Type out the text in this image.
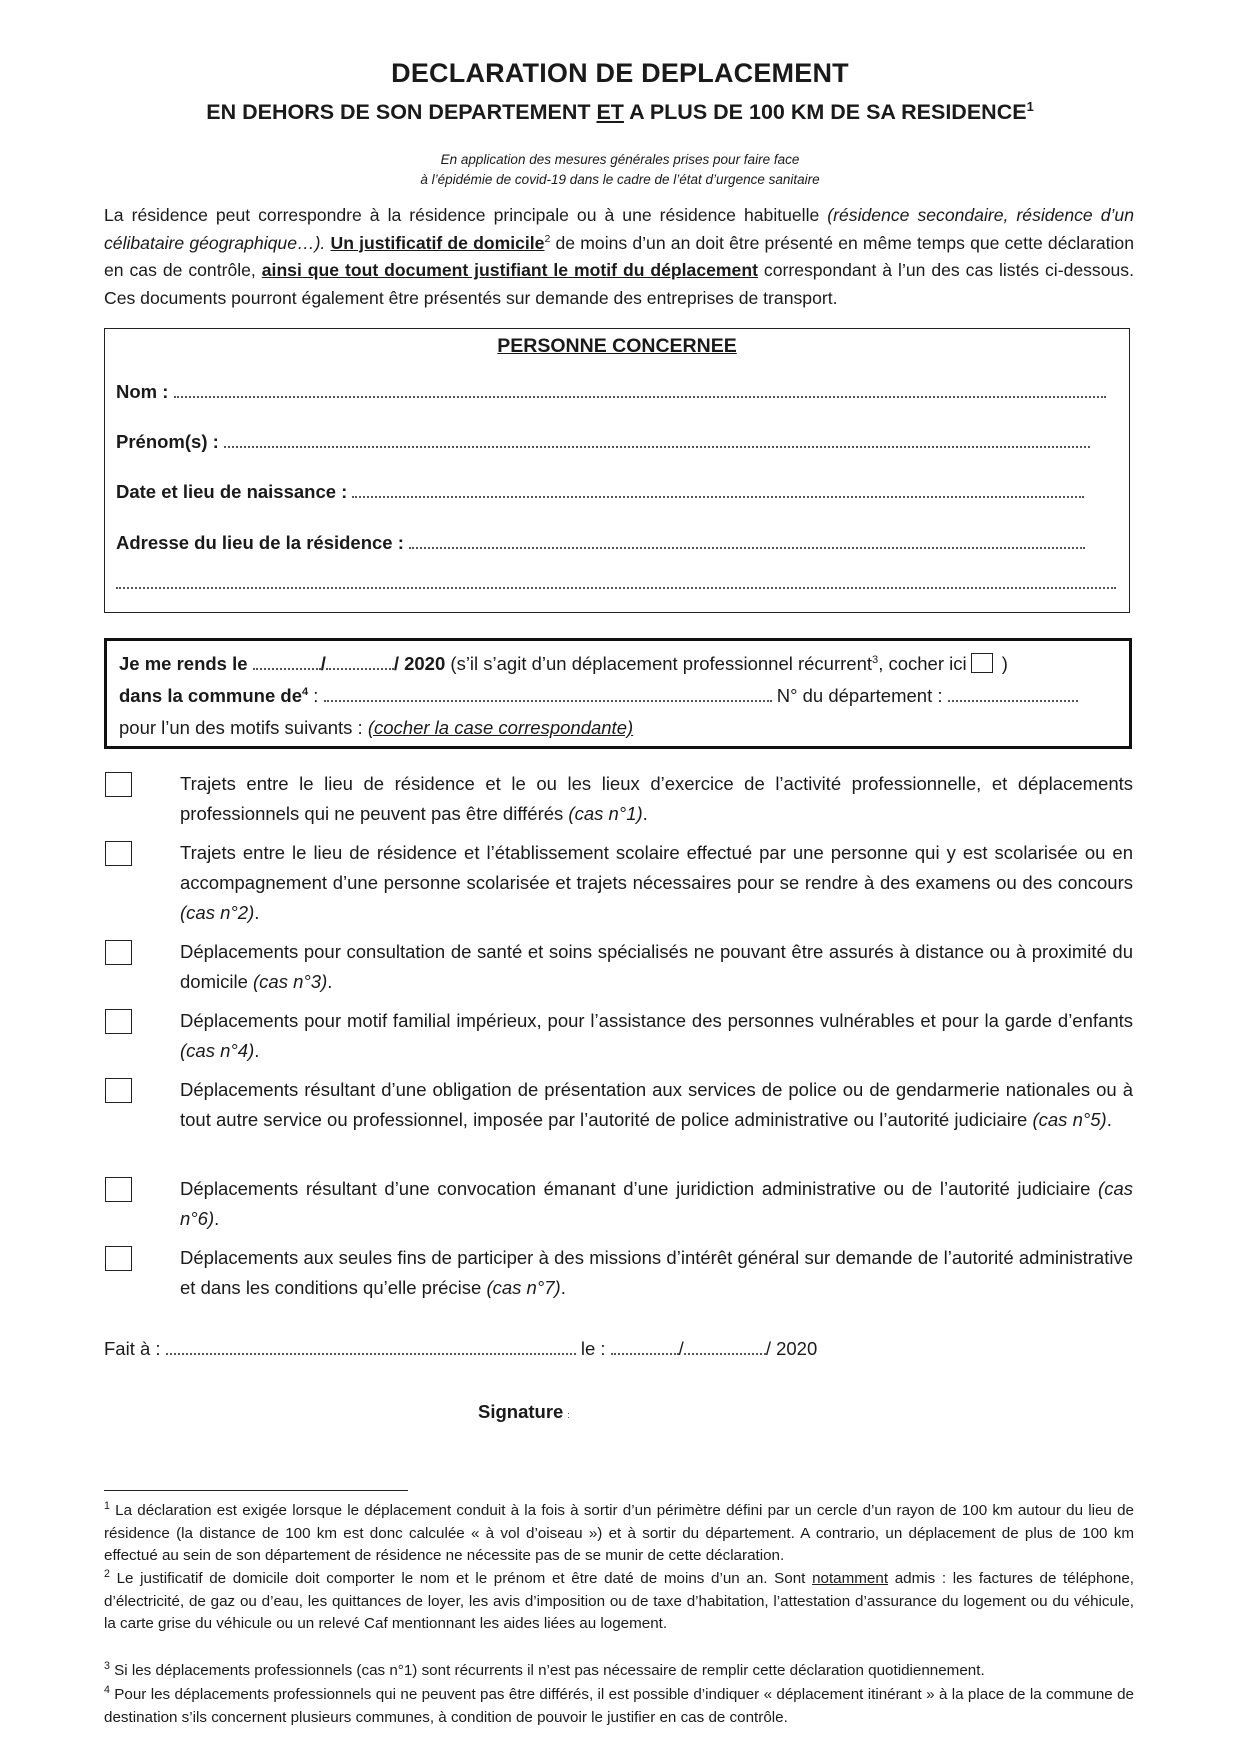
DECLARATION DE DEPLACEMENT
EN DEHORS DE SON DEPARTEMENT ET A PLUS DE 100 KM DE SA RESIDENCE$^1$
En application des mesures générales prises pour faire face
à l’épidémie de covid-19 dans le cadre de l’état d’urgence sanitaire
La résidence peut correspondre à la résidence principale ou à une résidence habituelle (résidence secondaire, résidence d’un célibataire géographique…). Un justificatif de domicile$^2$ de moins d’un an doit être présenté en même temps que cette déclaration en cas de contrôle, ainsi que tout document justifiant le motif du déplacement correspondant à l’un des cas listés ci-dessous. Ces documents pourront également être présentés sur demande des entreprises de transport.
PERSONNE CONCERNEE
Nom :
Prénom(s) :
Date et lieu de naissance :
Adresse du lieu de la résidence :
Je me rends le	/	/ 2020 (s’il s’agit d’un déplacement professionnel récurrent$^3$, cocher ici )
dans la commune $de^4$ :	N° du département :
pour l’un des motifs suivants : (cocher la case correspondante)
Trajets entre le lieu de résidence et le ou les lieux d’exercice de l’activité professionnelle, et déplacements professionnels qui ne peuvent pas être différés (cas n°1).
Trajets entre le lieu de résidence et l’établissement scolaire effectué par une personne qui y est scolarisée ou en accompagnement d’une personne scolarisée et trajets nécessaires pour se rendre à des examens ou des concours (cas n°2).
Déplacements pour consultation de santé et soins spécialisés ne pouvant être assurés à distance ou à proximité du domicile (cas n°3).
Déplacements pour motif familial impérieux, pour l’assistance des personnes vulnérables et pour la garde d’enfants (cas n°4).
Déplacements résultant d’une obligation de présentation aux services de police ou de gendarmerie nationales ou à tout autre service ou professionnel, imposée par l’autorité de police administrative ou l’autorité judiciaire (cas n°5).
Déplacements résultant d’une convocation émanant d’une juridiction administrative ou de l’autorité judiciaire (cas n°6).
Déplacements aux seules fins de participer à des missions d’intérêt général sur demande de l’autorité administrative et dans les conditions qu’elle précise (cas n°7).
Fait à :	le :	/	/ 2020
Signature :
$^1$ La déclaration est exigée lorsque le déplacement conduit à la fois à sortir d’un périmètre défini par un cercle d’un rayon de 100 km autour du lieu de résidence (la distance de 100 km est donc calculée « à vol d’oiseau ») et à sortir du département. A contrario, un déplacement de plus de 100 km effectué au sein de son département de résidence ne nécessite pas de se munir de cette déclaration.
$^2$ Le justificatif de domicile doit comporter le nom et le prénom et être daté de moins d’un an. Sont notamment admis : les factures de téléphone, d’électricité, de gaz ou d’eau, les quittances de loyer, les avis d’imposition ou de taxe d’habitation, l’attestation d’assurance du logement ou du véhicule, la carte grise du véhicule ou un relevé Caf mentionnant les aides liées au logement.
$^3$ Si les déplacements professionnels (cas n°1) sont récurrents il n’est pas nécessaire de remplir cette déclaration quotidiennement.
$^4$ Pour les déplacements professionnels qui ne peuvent pas être différés, il est possible d’indiquer « déplacement itinérant » à la place de la commune de destination s’ils concernent plusieurs communes, à condition de pouvoir le justifier en cas de contrôle.
